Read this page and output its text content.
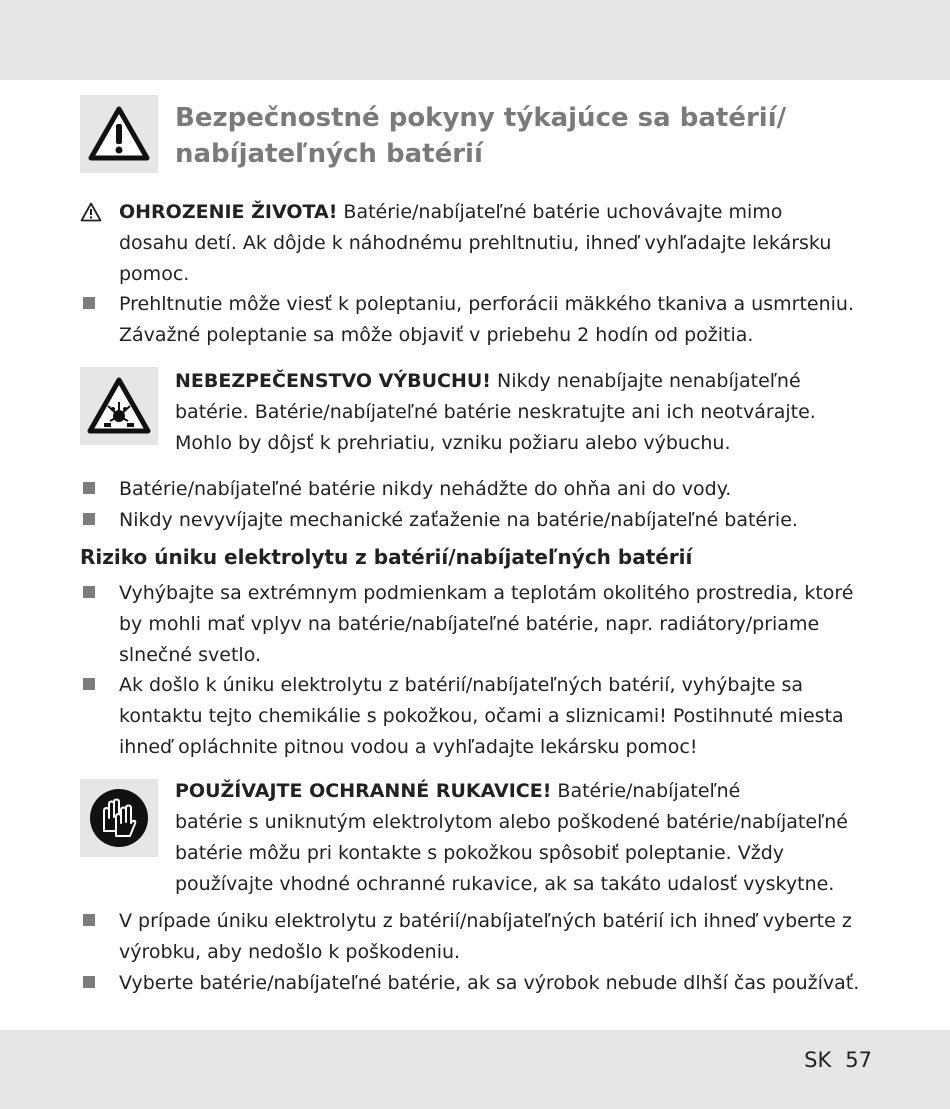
Bezpečnostné pokyny týkajúce sa batérií/
nabíjateľných batérií
OHROZENIE ŽIVOTA! Batérie/nabíjateľné batérie uchovávajte mimo
dosahu detí. Ak dôjde k náhodnému prehltnutiu, ihneď vyhľadajte lekársku
pomoc.
Prehltnutie môže viesť k poleptaniu, perforácii mäkkého tkaniva a usmrteniu.
Závažné poleptanie sa môže objaviť v priebehu 2 hodín od požitia.
NEBEZPEČENSTVO VÝBUCHU! Nikdy nenabíjajte nenabíjateľné
batérie. Batérie/nabíjateľné batérie neskratujte ani ich neotvárajte.
Mohlo by dôjsť k prehriatiu, vzniku požiaru alebo výbuchu.
Batérie/nabíjateľné batérie nikdy nehádžte do ohňa ani do vody.
Nikdy nevyvíjajte mechanické zaťaženie na batérie/nabíjateľné batérie.
Riziko úniku elektrolytu z batérií/nabíjateľných batérií
Vyhýbajte sa extrémnym podmienkam a teplotám okolitého prostredia, ktoré
by mohli mať vplyv na batérie/nabíjateľné batérie, napr. radiátory/priame
slnečné svetlo.
Ak došlo k úniku elektrolytu z batérií/nabíjateľných batérií, vyhýbajte sa
kontaktu tejto chemikálie s pokožkou, očami a sliznicami! Postihnuté miesta
ihneď opláchnite pitnou vodou a vyhľadajte lekársku pomoc!
POUŽÍVAJTE OCHRANNÉ RUKAVICE! Batérie/nabíjateľné
batérie s uniknutým elektrolytom alebo poškodené batérie/nabíjateľné
batérie môžu pri kontakte s pokožkou spôsobiť poleptanie. Vždy
používajte vhodné ochranné rukavice, ak sa takáto udalosť vyskytne.
V prípade úniku elektrolytu z batérií/nabíjateľných batérií ich ihneď vyberte z
výrobku, aby nedošlo k poškodeniu.
Vyberte batérie/nabíjateľné batérie, ak sa výrobok nebude dlhší čas používať.
SK 57
